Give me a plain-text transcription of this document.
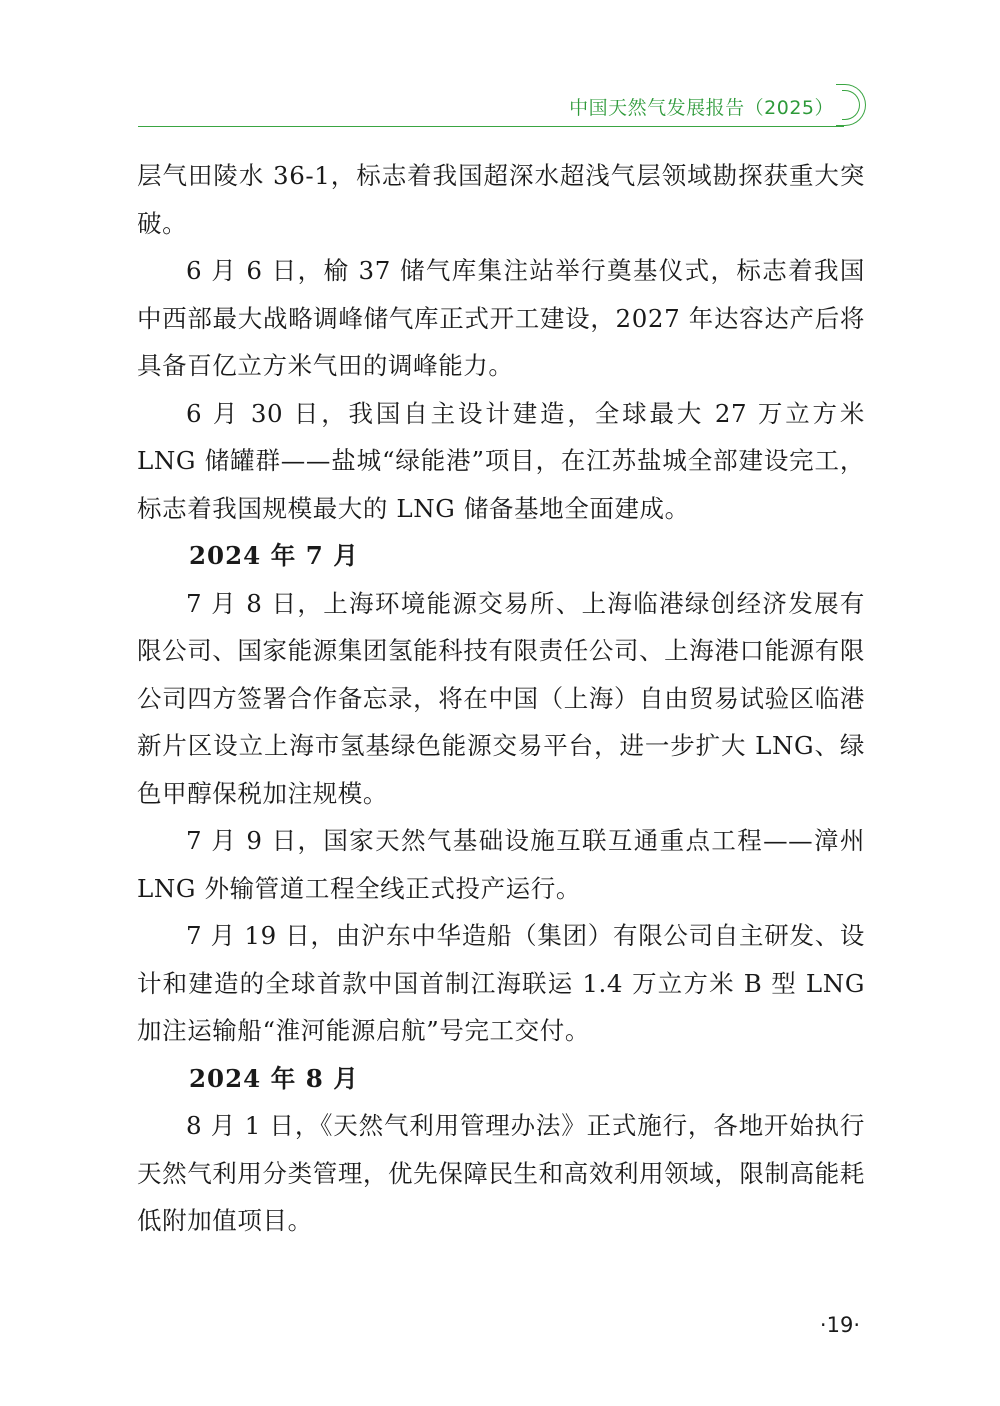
中国天然气发展报告（2025）

层气田陵水 36-1，标志着我国超深水超浅气层领域勘探获重大突破。

6 月 6 日，榆 37 储气库集注站举行奠基仪式，标志着我国中西部最大战略调峰储气库正式开工建设，2027 年达容达产后将具备百亿立方米气田的调峰能力。

6 月 30 日，我国自主设计建造，全球最大 27 万立方米 LNG 储罐群——盐城“绿能港”项目，在江苏盐城全部建设完工，标志着我国规模最大的 LNG 储备基地全面建成。

2024 年 7 月

7 月 8 日，上海环境能源交易所、上海临港绿创经济发展有限公司、国家能源集团氢能科技有限责任公司、上海港口能源有限公司四方签署合作备忘录，将在中国（上海）自由贸易试验区临港新片区设立上海市氢基绿色能源交易平台，进一步扩大 LNG、绿色甲醇保税加注规模。

7 月 9 日，国家天然气基础设施互联互通重点工程——漳州 LNG 外输管道工程全线正式投产运行。

7 月 19 日，由沪东中华造船（集团）有限公司自主研发、设计和建造的全球首款中国首制江海联运 1.4 万立方米 B 型 LNG 加注运输船“淮河能源启航”号完工交付。

2024 年 8 月

8 月 1 日，《天然气利用管理办法》正式施行，各地开始执行天然气利用分类管理，优先保障民生和高效利用领域，限制高能耗低附加值项目。

·19·
